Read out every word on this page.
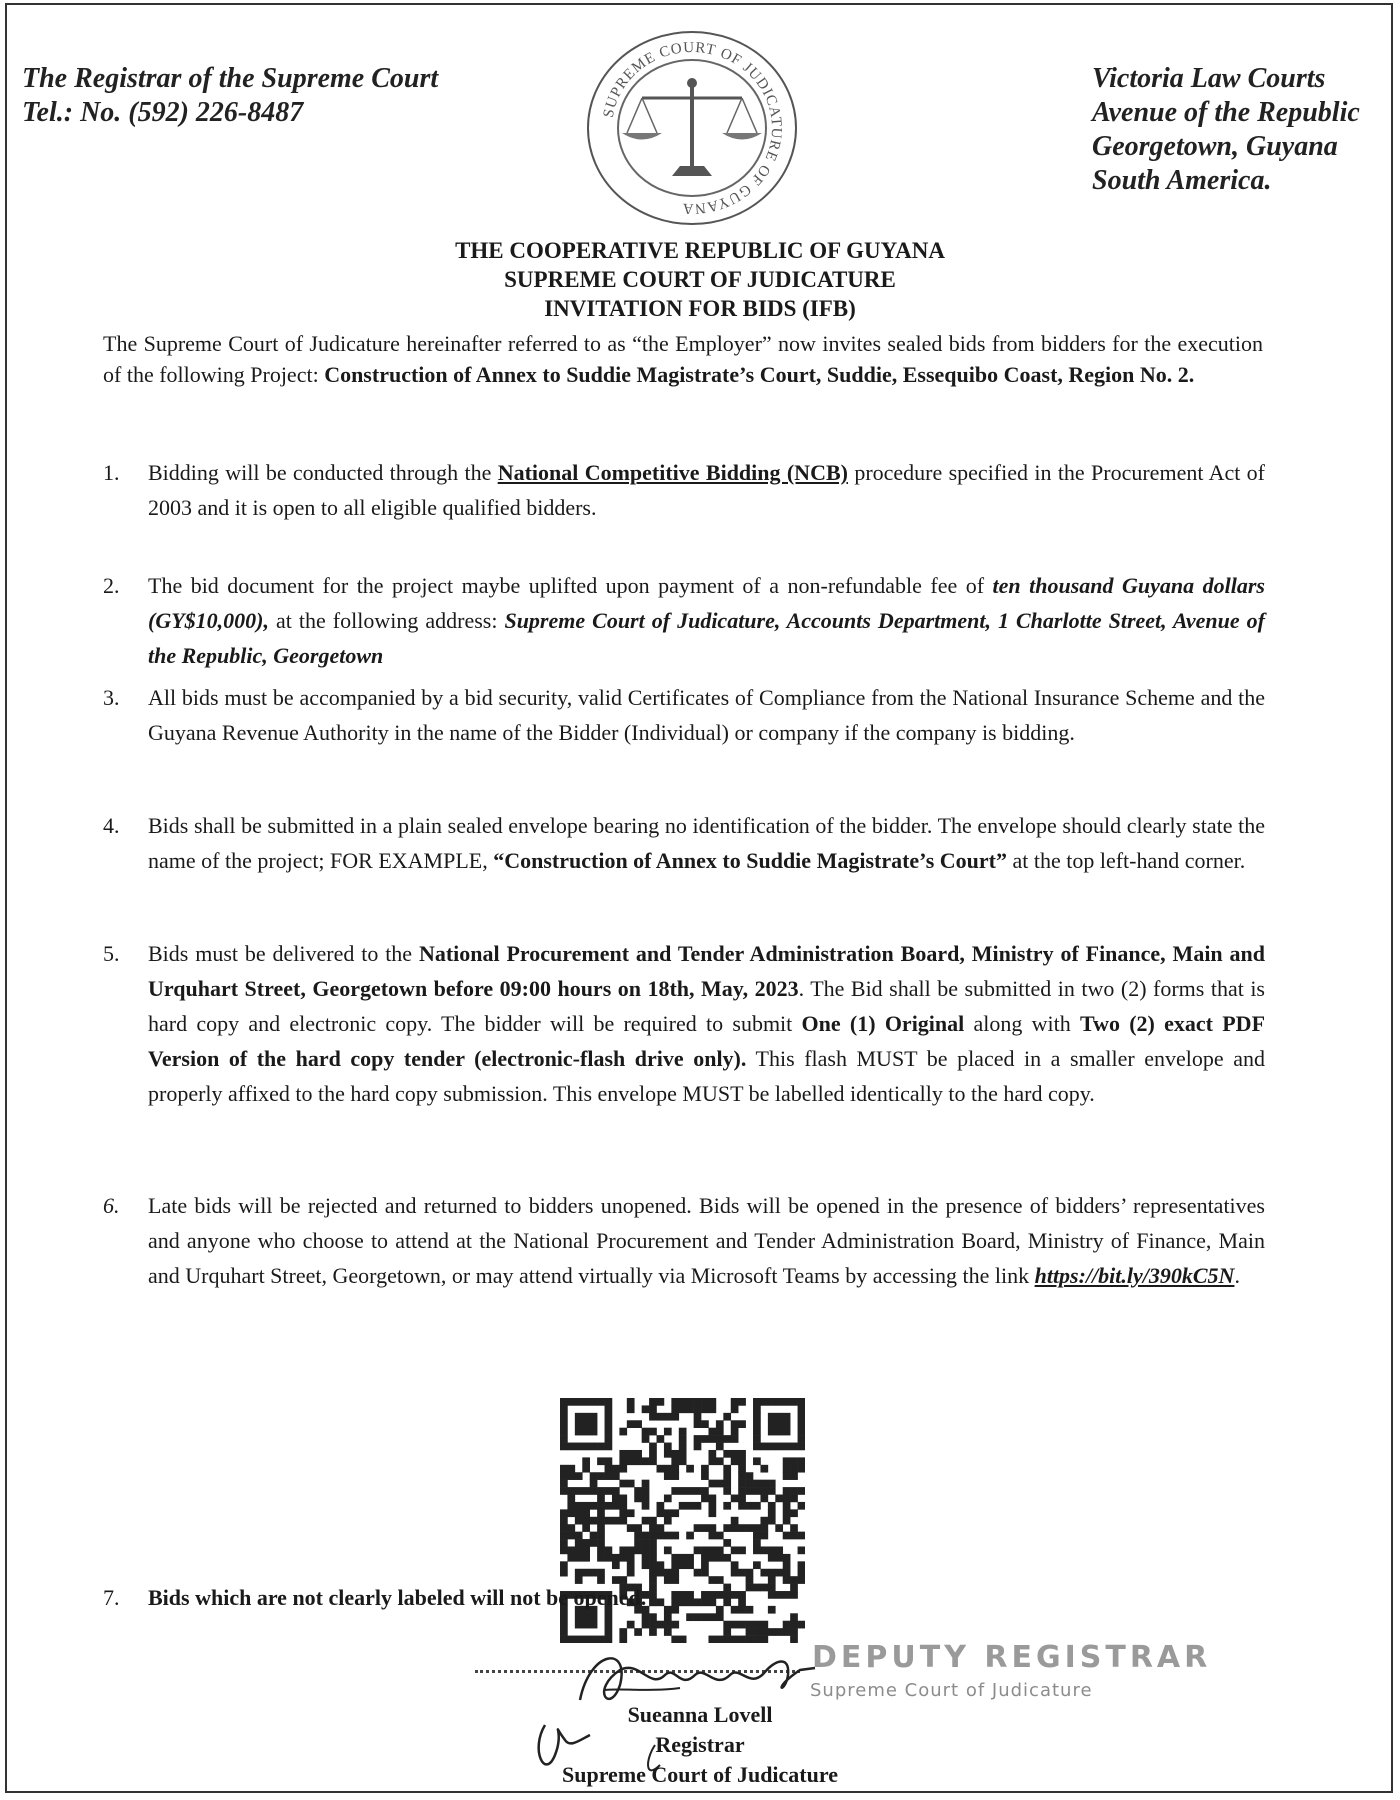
The Registrar of the Supreme Court
Tel.: No. (592) 226-8487	SUPREME COURT OF JUDICATURE OF GUYANA
Victoria Law Courts
Avenue of the Republic
Georgetown, Guyana
South America.
THE COOPERATIVE REPUBLIC OF GUYANA
SUPREME COURT OF JUDICATURE
INVITATION FOR BIDS (IFB)
The Supreme Court of Judicature hereinafter referred to as “the Employer” now invites sealed bids from bidders for the execution of the following Project: Construction of Annex to Suddie Magistrate’s Court, Suddie, Essequibo Coast, Region No. 2.
1.	Bidding will be conducted through the National Competitive Bidding (NCB) procedure specified in the Procurement Act of 2003 and it is open to all eligible qualified bidders.
2.	The bid document for the project maybe uplifted upon payment of a non-refundable fee of ten thousand Guyana dollars (GY$10,000), at the following address: Supreme Court of Judicature, Accounts Department, 1 Charlotte Street, Avenue of the Republic, Georgetown
3.	All bids must be accompanied by a bid security, valid Certificates of Compliance from the National Insurance Scheme and the Guyana Revenue Authority in the name of the Bidder (Individual) or company if the company is bidding.
4.	Bids shall be submitted in a plain sealed envelope bearing no identification of the bidder. The envelope should clearly state the name of the project; FOR EXAMPLE, “Construction of Annex to Suddie Magistrate’s Court” at the top left-hand corner.
5.	Bids must be delivered to the National Procurement and Tender Administration Board, Ministry of Finance, Main and Urquhart Street, Georgetown before 09:00 hours on 18th, May, 2023. The Bid shall be submitted in two (2) forms that is hard copy and electronic copy. The bidder will be required to submit One (1) Original along with Two (2) exact PDF Version of the hard copy tender (electronic-flash drive only). This flash MUST be placed in a smaller envelope and properly affixed to the hard copy submission. This envelope MUST be labelled identically to the hard copy.
6.	Late bids will be rejected and returned to bidders unopened. Bids will be opened in the presence of bidders’ representatives and anyone who choose to attend at the National Procurement and Tender Administration Board, Ministry of Finance, Main and Urquhart Street, Georgetown, or may attend virtually via Microsoft Teams by accessing the link https://bit.ly/390kC5N.
7.	Bids which are not clearly labeled will not be opened.
DEPUTY REGISTRAR
Supreme Court of Judicature
Sueanna Lovell
Registrar
Supreme Court of Judicature
